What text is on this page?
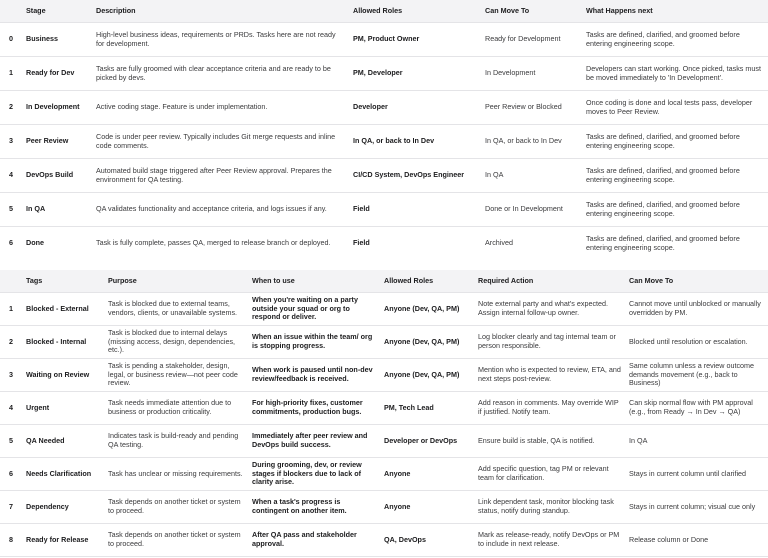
	Stage	Description	Allowed Roles	Can Move To	What Happens next
0	Business	High-level business ideas, requirements or PRDs. Tasks here are not ready for development.	PM, Product Owner	Ready for Development	Tasks are defined, clarified, and groomed before entering engineering scope.
1	Ready for Dev	Tasks are fully groomed with clear acceptance criteria and are ready to be picked by devs.	PM, Developer	In Development	Developers can start working. Once picked, tasks must be moved immediately to 'In Development'.
2	In Development	Active coding stage. Feature is under implementation.	Developer	Peer Review or Blocked	Once coding is done and local tests pass, developer moves to Peer Review.
3	Peer Review	Code is under peer review. Typically includes Git merge requests and inline code comments.	In QA, or back to In Dev	In QA, or back to In Dev	Tasks are defined, clarified, and groomed before entering engineering scope.
4	DevOps Build	Automated build stage triggered after Peer Review approval. Prepares the environment for QA testing.	CI/CD System, DevOps Engineer	In QA	Tasks are defined, clarified, and groomed before entering engineering scope.
5	In QA	QA validates functionality and acceptance criteria, and logs issues if any.	Field	Done or In Development	Tasks are defined, clarified, and groomed before entering engineering scope.
6	Done	Task is fully complete, passes QA, merged to release branch or deployed.	Field	Archived	Tasks are defined, clarified, and groomed before entering engineering scope.
	Tags	Purpose	When to use	Allowed Roles	Required Action	Can Move To
1	Blocked - External	Task is blocked due to external teams, vendors, clients, or unavailable systems.	When you're waiting on a party outside your squad or org to respond or deliver.	Anyone (Dev, QA, PM)	Note external party and what's expected. Assign internal follow-up owner.	Cannot move until unblocked or manually overridden by PM.
2	Blocked - Internal	Task is blocked due to internal delays (missing access, design, dependencies, etc.).	When an issue within the team/ org is stopping progress.	Anyone (Dev, QA, PM)	Log blocker clearly and tag internal team or person responsible.	Blocked until resolution or escalation.
3	Waiting on Review	Task is pending a stakeholder, design, legal, or business review—not peer code review.	When work is paused until non-dev review/feedback is received.	Anyone (Dev, QA, PM)	Mention who is expected to review, ETA, and next steps post-review.	Same column unless a review outcome demands movement (e.g., back to Business)
4	Urgent	Task needs immediate attention due to business or production criticality.	For high-priority fixes, customer commitments, production bugs.	PM, Tech Lead	Add reason in comments. May override WIP if justified. Notify team.	Can skip normal flow with PM approval (e.g., from Ready → In Dev → QA)
5	QA Needed	Indicates task is build-ready and pending QA testing.	Immediately after peer review and DevOps build success.	Developer or DevOps	Ensure build is stable, QA is notified.	In QA
6	Needs Clarification	Task has unclear or missing requirements.	During grooming, dev, or review stages if blockers due to lack of clarity arise.	Anyone	Add specific question, tag PM or relevant team for clarification.	Stays in current column until clarified
7	Dependency	Task depends on another ticket or system to proceed.	When a task's progress is contingent on another item.	Anyone	Link dependent task, monitor blocking task status, notify during standup.	Stays in current column; visual cue only
8	Ready for Release	Task depends on another ticket or system to proceed.	After QA pass and stakeholder approval.	QA, DevOps	Mark as release-ready, notify DevOps or PM to include in next release.	Release column or Done
